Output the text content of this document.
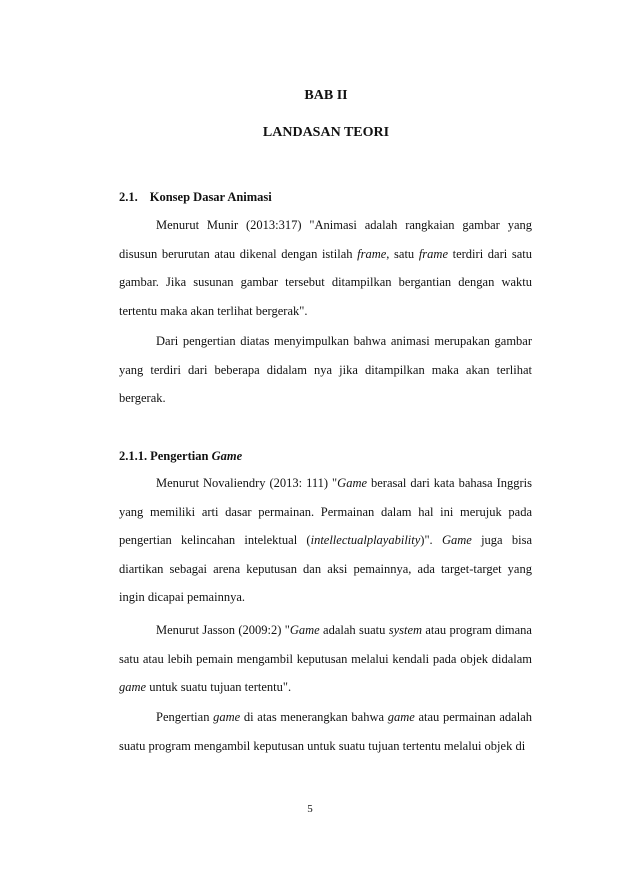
BAB II
LANDASAN TEORI
2.1. Konsep Dasar Animasi

Menurut Munir (2013:317) "Animasi adalah rangkaian gambar yang disusun berurutan atau dikenal dengan istilah frame, satu frame terdiri dari satu gambar. Jika susunan gambar tersebut ditampilkan bergantian dengan waktu tertentu maka akan terlihat bergerak".

Dari pengertian diatas menyimpulkan bahwa animasi merupakan gambar yang terdiri dari beberapa didalam nya jika ditampilkan maka akan terlihat bergerak.

2.1.1. Pengertian Game

Menurut Novaliendry (2013: 111) "Game berasal dari kata bahasa Inggris yang memiliki arti dasar permainan. Permainan dalam hal ini merujuk pada pengertian kelincahan intelektual (intellectualplayability)". Game juga bisa diartikan sebagai arena keputusan dan aksi pemainnya, ada target-target yang ingin dicapai pemainnya.

Menurut Jasson (2009:2) "Game adalah suatu system atau program dimana satu atau lebih pemain mengambil keputusan melalui kendali pada objek didalam game untuk suatu tujuan tertentu".

Pengertian game di atas menerangkan bahwa game atau permainan adalah suatu program mengambil keputusan untuk suatu tujuan tertentu melalui objek di

5
